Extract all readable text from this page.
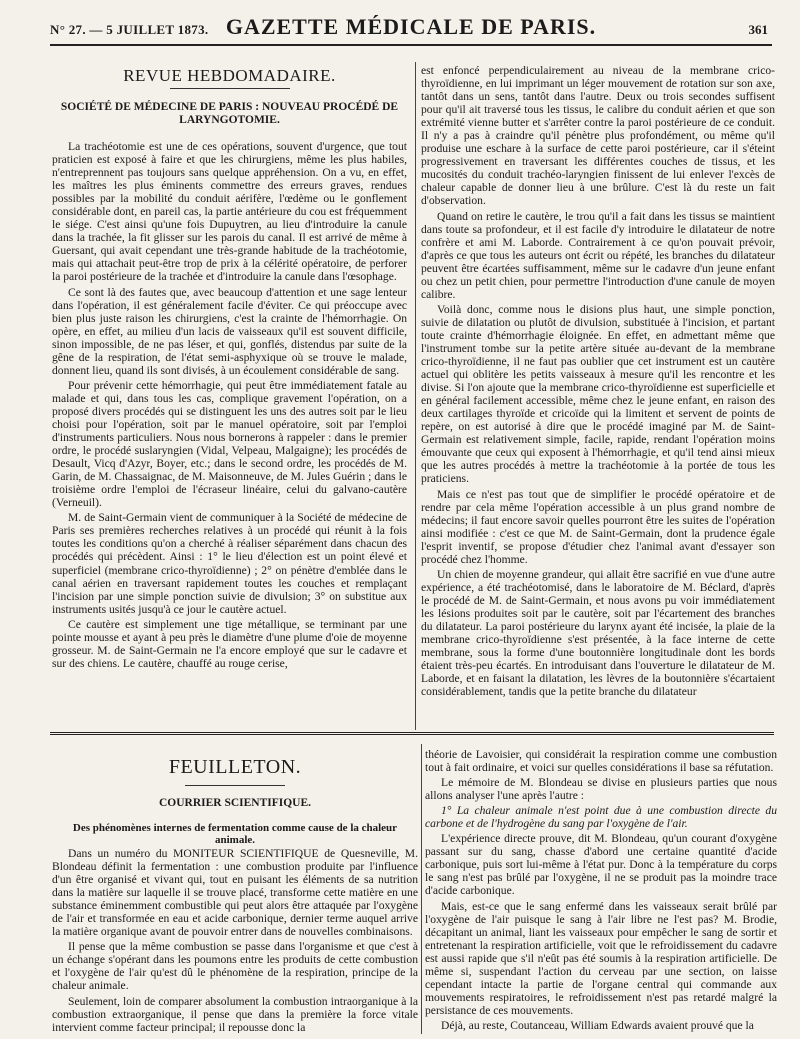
N° 27. — 5 JUILLET 1873. GAZETTE MÉDICALE DE PARIS.	361
REVUE HEBDOMADAIRE.
SOCIÉTÉ DE MÉDECINE DE PARIS : NOUVEAU PROCÉDÉ DE LARYNGOTOMIE.

La trachéotomie est une de ces opérations, souvent d'urgence, que tout praticien est exposé à faire et que les chirurgiens, même les plus habiles, n'entreprennent pas toujours sans quelque appréhension. On a vu, en effet, les maîtres les plus éminents commettre des erreurs graves, rendues possibles par la mobilité du conduit aérifère, l'œdème ou le gonflement considérable dont, en pareil cas, la partie antérieure du cou est fréquemment le siége. C'est ainsi qu'une fois Dupuytren, au lieu d'introduire la canule dans la trachée, la fit glisser sur les parois du canal. Il est arrivé de même à Guersant, qui avait cependant une très-grande habitude de la trachéotomie, mais qui attachait peut-être trop de prix à la célérité opératoire, de perforer la paroi postérieure de la trachée et d'introduire la canule dans l'œsophage.

Ce sont là des fautes que, avec beaucoup d'attention et une sage lenteur dans l'opération, il est généralement facile d'éviter. Ce qui préoccupe avec bien plus juste raison les chirurgiens, c'est la crainte de l'hémorrhagie. On opère, en effet, au milieu d'un lacis de vaisseaux qu'il est souvent difficile, sinon impossible, de ne pas léser, et qui, gonflés, distendus par suite de la gêne de la respiration, de l'état semi-asphyxique où se trouve le malade, donnent lieu, quand ils sont divisés, à un écoulement considérable de sang.

Pour prévenir cette hémorrhagie, qui peut être immédiatement fatale au malade et qui, dans tous les cas, complique gravement l'opération, on a proposé divers procédés qui se distinguent les uns des autres soit par le lieu choisi pour l'opération, soit par le manuel opératoire, soit par l'emploi d'instruments particuliers. Nous nous bornerons à rappeler : dans le premier ordre, le procédé suslaryngien (Vidal, Velpeau, Malgaigne); les procédés de Desault, Vicq d'Azyr, Boyer, etc.; dans le second ordre, les procédés de M. Garin, de M. Chassaignac, de M. Maisonneuve, de M. Jules Guérin ; dans le troisième ordre l'emploi de l'écraseur linéaire, celui du galvano-cautère (Verneuil).

M. de Saint-Germain vient de communiquer à la Société de médecine de Paris ses premières recherches relatives à un procédé qui réunit à la fois toutes les conditions qu'on a cherché à réaliser séparément dans chacun des procédés qui précèdent. Ainsi : 1° le lieu d'élection est un point élevé et superficiel (membrane crico-thyroïdienne) ; 2° on pénètre d'emblée dans le canal aérien en traversant rapidement toutes les couches et remplaçant l'incision par une simple ponction suivie de divulsion; 3° on substitue aux instruments usités jusqu'à ce jour le cautère actuel.

Ce cautère est simplement une tige métallique, se terminant par une pointe mousse et ayant à peu près le diamètre d'une plume d'oie de moyenne grosseur. M. de Saint-Germain ne l'a encore employé que sur le cadavre et sur des chiens. Le cautère, chauffé au rouge cerise,

est enfoncé perpendiculairement au niveau de la membrane crico-thyroïdienne, en lui imprimant un léger mouvement de rotation sur son axe, tantôt dans un sens, tantôt dans l'autre. Deux ou trois secondes suffisent pour qu'il ait traversé tous les tissus, le calibre du conduit aérien et que son extrémité vienne butter et s'arrêter contre la paroi postérieure de ce conduit. Il n'y a pas à craindre qu'il pénètre plus profondément, ou même qu'il produise une eschare à la surface de cette paroi postérieure, car il s'éteint progressivement en traversant les différentes couches de tissus, et les mucosités du conduit trachéo-laryngien finissent de lui enlever l'excès de chaleur capable de donner lieu à une brûlure. C'est là du reste un fait d'observation.

Quand on retire le cautère, le trou qu'il a fait dans les tissus se maintient dans toute sa profondeur, et il est facile d'y introduire le dilatateur de notre confrère et ami M. Laborde. Contrairement à ce qu'on pouvait prévoir, d'après ce que tous les auteurs ont écrit ou répété, les branches du dilatateur peuvent être écartées suffisamment, même sur le cadavre d'un jeune enfant ou chez un petit chien, pour permettre l'introduction d'une canule de moyen calibre.

Voilà donc, comme nous le disions plus haut, une simple ponction, suivie de dilatation ou plutôt de divulsion, substituée à l'incision, et partant toute crainte d'hémorrhagie éloignée. En effet, en admettant même que l'instrument tombe sur la petite artère située au-devant de la membrane crico-thyroïdienne, il ne faut pas oublier que cet instrument est un cautère actuel qui oblitère les petits vaisseaux à mesure qu'il les rencontre et les divise. Si l'on ajoute que la membrane crico-thyroïdienne est superficielle et en général facilement accessible, même chez le jeune enfant, en raison des deux cartilages thyroïde et cricoïde qui la limitent et servent de points de repère, on est autorisé à dire que le procédé imaginé par M. de Saint-Germain est relativement simple, facile, rapide, rendant l'opération moins émouvante que ceux qui exposent à l'hémorrhagie, et qu'il tend ainsi mieux que les autres procédés à mettre la trachéotomie à la portée de tous les praticiens.

Mais ce n'est pas tout que de simplifier le procédé opératoire et de rendre par cela même l'opération accessible à un plus grand nombre de médecins; il faut encore savoir quelles pourront être les suites de l'opération ainsi modifiée : c'est ce que M. de Saint-Germain, dont la prudence égale l'esprit inventif, se propose d'étudier chez l'animal avant d'essayer son procédé chez l'homme.

Un chien de moyenne grandeur, qui allait être sacrifié en vue d'une autre expérience, a été trachéotomisé, dans le laboratoire de M. Béclard, d'après le procédé de M. de Saint-Germain, et nous avons pu voir immédiatement les lésions produites soit par le cautère, soit par l'écartement des branches du dilatateur. La paroi postérieure du larynx ayant été incisée, la plaie de la membrane crico-thyroïdienne s'est présentée, à la face interne de cette membrane, sous la forme d'une boutonnière longitudinale dont les bords étaient très-peu écartés. En introduisant dans l'ouverture le dilatateur de M. Laborde, et en faisant la dilatation, les lèvres de la boutonnière s'écartaient considérablement, tandis que la petite branche du dilatateur

FEUILLETON.
COURRIER SCIENTIFIQUE.
Des phénomènes internes de fermentation comme cause de la chaleur animale.

Dans un numéro du MONITEUR SCIENTIFIQUE de Quesneville, M. Blondeau définit la fermentation : une combustion produite par l'influence d'un être organisé et vivant qui, tout en puisant les éléments de sa nutrition dans la matière sur laquelle il se trouve placé, transforme cette matière en une substance éminemment combustible qui peut alors être attaquée par l'oxygène de l'air et transformée en eau et acide carbonique, dernier terme auquel arrive la matière organique avant de pouvoir entrer dans de nouvelles combinaisons.

Il pense que la même combustion se passe dans l'organisme et que c'est à un échange s'opérant dans les poumons entre les produits de cette combustion et l'oxygène de l'air qu'est dû le phénomène de la respiration, principe de la chaleur animale.

Seulement, loin de comparer absolument la combustion intraorganique à la combustion extraorganique, il pense que dans la première la force vitale intervient comme facteur principal; il repousse donc la

théorie de Lavoisier, qui considérait la respiration comme une combustion tout à fait ordinaire, et voici sur quelles considérations il base sa réfutation.

Le mémoire de M. Blondeau se divise en plusieurs parties que nous allons analyser l'une après l'autre :

1° La chaleur animale n'est point due à une combustion directe du carbone et de l'hydrogène du sang par l'oxygène de l'air.

L'expérience directe prouve, dit M. Blondeau, qu'un courant d'oxygène passant sur du sang, chasse d'abord une certaine quantité d'acide carbonique, puis sort lui-même à l'état pur. Donc à la température du corps le sang n'est pas brûlé par l'oxygène, il ne se produit pas la moindre trace d'acide carbonique.

Mais, est-ce que le sang enfermé dans les vaisseaux serait brûlé par l'oxygène de l'air puisque le sang à l'air libre ne l'est pas? M. Brodie, décapitant un animal, liant les vaisseaux pour empêcher le sang de sortir et entretenant la respiration artificielle, voit que le refroidissement du cadavre est aussi rapide que s'il n'eût pas été soumis à la respiration artificielle. De même si, suspendant l'action du cerveau par une section, on laisse cependant intacte la partie de l'organe central qui commande aux mouvements respiratoires, le refroidissement n'est pas retardé malgré la persistance de ces mouvements.

Déjà, au reste, Coutanceau, William Edwards avaient prouvé que la
